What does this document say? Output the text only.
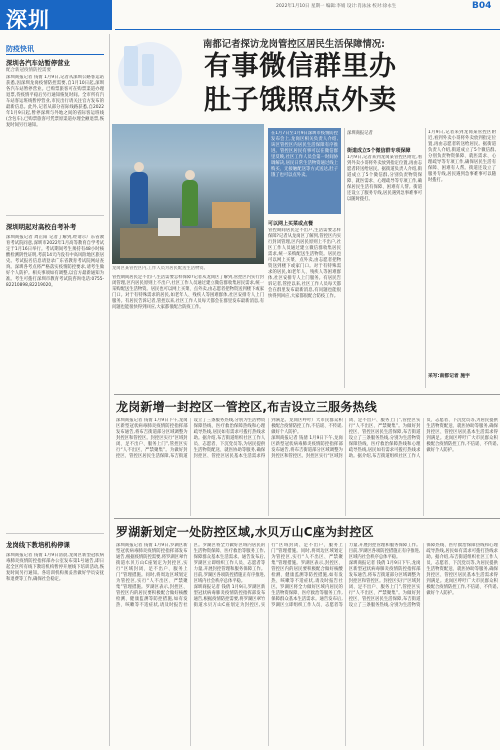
深圳
2022年1月10日 星期一 编辑:李娟 设计:肖泳泳 校对:徐永生	B04
防疫快讯
深圳各汽车站暂停营业
配合新冠疫情防控需要
深圳商报记者 钱倩 1月9日,记者从深圳公路客运站获悉,因深圳龙岗疫情防控需要,自1月10日起,深圳各汽车站暂停营业。已购票旅客可在购票渠道办理退票,待疫情平稳后另行通知恢复时间。全市所有汽车站客运班线暂停营业,市民出行请关注官方发布的最新信息。此外,记者从部分省际线路获悉,自2022年1月9日起,暂停深圳与外地之间的省际客运班线(含包车),已购票旅客可凭票原渠道办理全额退票,恢复时间另行通知。
深圳明起对高校自考补考
深圳商报记者 周正阳 记者了解到,经请示广东省教育考试院同意,深圳市2022年1月高等教育自学考试定于1月16日举行。考试期间考生须持有48小时核酸检测阴性证明,考前14天内没有中高风险地区旅居史。考试报名信息请登录广东省教育考试院网站查询。深圳各考点将严格落实疫情防控要求,请考生做好个人防护。相关事项如有调整,以官方最新通知为准。考生可拨打深圳市教育考试院咨询电话:0755-82210898,82219020。
龙岗线下教培机构停课
深圳商报记者 钱倩 1月9日清晨,龙岗区新型冠状病毒肺炎疫情防控指挥部办公室发布第1号通告,即日起全区所有线下教培机构暂停开展线下培训活动,恢复时间另行通知。各培训机构须妥善做好学员安抚和退费等工作,确保社会稳定。
南都记者探访龙岗管控区居民生活保障情况:
有事微信群里办
肚子饿照点外卖
在1月7日至1月9日深圳市疫情防控发布会上,龙岗区相关负责人介绍,该区管控区内居民生活保障有序推进。管控区居民有事可以在微信群里反映,社区工作人员会第一时间协调解决,居民日常生活物资通过线上购买、无接触配送等方式送达,肚子饿了也可以点外卖。
可以网上买菜或点餐
管控期间居民足不出户,生活需要怎样保障?记者从龙岗区了解到,管控区内实行封闭管理,区内居民原则上不出户,社区工作人员通过建立微信群收集居民需求,统一采购配送生活物资。居民也可以网上买菜、点外卖,由志愿者把物资送到楼下或家门口。对于有特殊需求的居民,如老年人、残疾人等困难群体,社区安排专人上门服务。有居民告诉记者,管控以来,社区工作人员每天都会在群里发布最新消息,有问题也能很快得到回应,大家都很配合防疫工作。
深圳商报记者
街道成立5个微信群专项保障
1月9日,记者来到龙岗某管控区附近,看到外卖小哥将外卖放到指定位置,再由志愿者转送给居民。据街道负责人介绍,街道成立了5个微信群,分别负责物资保障、就医需求、心理疏导等专项工作,确保居民生活有保障、困难有人帮。街道还设立了服务专线,居民遇到急事难事可以随时拨打。
1月9日,记者来到龙岗某管控区附近,看到外卖小哥将外卖放到指定位置,再由志愿者转送给居民。据街道负责人介绍,街道成立了5个微信群,分别负责物资保障、就医需求、心理疏导等专项工作,确保居民生活有保障、困难有人帮。街道还设立了服务专线,居民遇到急事难事可以随时拨打。
采写:南都记者 施宇
龙岗区某管控区内,工作人员为居民配送生活物资。
管控期间居民足不出户,生活需要怎样保障?记者从龙岗区了解到,管控区内实行封闭管理,区内居民原则上不出户,社区工作人员通过建立微信群收集居民需求,统一采购配送生活物资。居民也可以网上买菜、点外卖,由志愿者把物资送到楼下或家门口。对于有特殊需求的居民,如老年人、残疾人等困难群体,社区安排专人上门服务。有居民告诉记者,管控以来,社区工作人员每天都会在群里发布最新消息,有问题也能很快得到回应,大家都很配合防疫工作。
龙岗新增一封控区一管控区,布吉设立三服务热线
深圳商报记者 钱倩 1月9日下午,龙岗区新型冠状病毒肺炎疫情防控指挥部发布通告,将布吉街道部分区域调整为封控区和管控区。封控区实行“区域封闭、足不出户、服务上门”,管控区实行“人不出区、严禁聚集”。为做好封控区、管控区居民生活保障,布吉街道设立了三条服务热线,分别为生活物资保障热线、医疗救治保障热线和心理疏导热线,居民如有需求可拨打热线求助。据介绍,布吉街道组织社区工作人员、志愿者、下沉党员等,为居民提供生活物资配送、就医协助等服务,确保封控区、管控区居民基本生活需求得到满足。龙岗区呼吁广大市民群众积极配合疫情防控工作,不信谣、不传谣,做好个人防护。
深圳商报记者 钱倩 1月9日下午,龙岗区新型冠状病毒肺炎疫情防控指挥部发布通告,将布吉街道部分区域调整为封控区和管控区。封控区实行“区域封闭、足不出户、服务上门”,管控区实行“人不出区、严禁聚集”。为做好封控区、管控区居民生活保障,布吉街道设立了三条服务热线,分别为生活物资保障热线、医疗救治保障热线和心理疏导热线,居民如有需求可拨打热线求助。据介绍,布吉街道组织社区工作人员、志愿者、下沉党员等,为居民提供生活物资配送、就医协助等服务,确保封控区、管控区居民基本生活需求得到满足。龙岗区呼吁广大市民群众积极配合疫情防控工作,不信谣、不传谣,做好个人防护。
罗湖新划定一处防控区域,水贝万山C座为封控区
深圳商报记者 钱倩 1月9日,罗湖区新型冠状病毒肺炎疫情防控指挥部发布通告,根据疫情防控需要,将罗湖区翠竹街道水贝万山C座划定为封控区,实行“区域封闭、足不出户、服务上门”管理措施。同时,将周边区域划定为管控区,实行“人不出区、严禁聚集”管理措施。罗湖区表示,封控区、管控区内的居民要积极配合做好核酸检测、健康监测等防控措施,如有发热、咳嗽等不适症状,请及时报告社区。罗湖区将全力做好区域内居民的生活物资保障、医疗救治等服务工作,保障群众基本生活需求。通告发布后,罗湖区立即组织工作人员、志愿者等力量,开展封控管理和服务保障工作。目前,罗湖区各项防控措施正有序推进,区域内社会秩序总体平稳。
深圳商报记者 钱倩 1月9日,罗湖区新型冠状病毒肺炎疫情防控指挥部发布通告,根据疫情防控需要,将罗湖区翠竹街道水贝万山C座划定为封控区,实行“区域封闭、足不出户、服务上门”管理措施。同时,将周边区域划定为管控区,实行“人不出区、严禁聚集”管理措施。罗湖区表示,封控区、管控区内的居民要积极配合做好核酸检测、健康监测等防控措施,如有发热、咳嗽等不适症状,请及时报告社区。罗湖区将全力做好区域内居民的生活物资保障、医疗救治等服务工作,保障群众基本生活需求。通告发布后,罗湖区立即组织工作人员、志愿者等力量,开展封控管理和服务保障工作。目前,罗湖区各项防控措施正有序推进,区域内社会秩序总体平稳。
深圳商报记者 钱倩 1月9日下午,龙岗区新型冠状病毒肺炎疫情防控指挥部发布通告,将布吉街道部分区域调整为封控区和管控区。封控区实行“区域封闭、足不出户、服务上门”,管控区实行“人不出区、严禁聚集”。为做好封控区、管控区居民生活保障,布吉街道设立了三条服务热线,分别为生活物资保障热线、医疗救治保障热线和心理疏导热线,居民如有需求可拨打热线求助。据介绍,布吉街道组织社区工作人员、志愿者、下沉党员等,为居民提供生活物资配送、就医协助等服务,确保封控区、管控区居民基本生活需求得到满足。龙岗区呼吁广大市民群众积极配合疫情防控工作,不信谣、不传谣,做好个人防护。
